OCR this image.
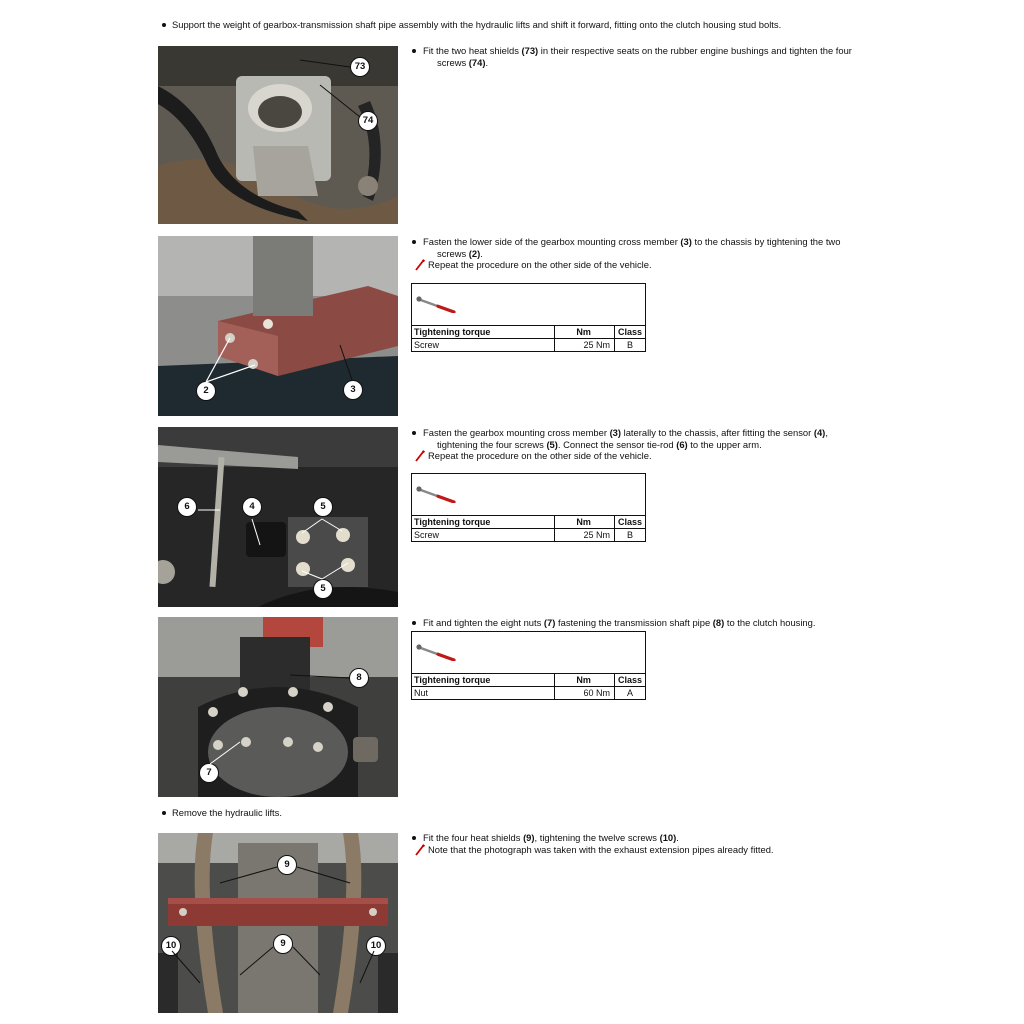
Support the weight of gearbox-transmission shaft pipe assembly with the hydraulic lifts and shift it forward, fitting onto the clutch housing stud bolts.
73
74

Fit the two heat shields (73) in their respective seats on the rubber engine bushings and tighten the four
screws (74).

2	3

Fasten the lower side of the gearbox mounting cross member (3) to the chassis by tightening the two
screws (2).

Repeat the procedure on the other side of the vehicle.

Tightening torque	Nm	Class
Screw	25 Nm	B
6	4	5
5

Fasten the gearbox mounting cross member (3) laterally to the chassis, after fitting the sensor (4),
tightening the four screws (5). Connect the sensor tie-rod (6) to the upper arm.

Repeat the procedure on the other side of the vehicle.

Tightening torque	Nm	Class
Screw	25 Nm	B
8
7

Fit and tighten the eight nuts (7) fastening the transmission shaft pipe (8) to the clutch housing.

Tightening torque	Nm	Class
Nut	60 Nm	A
Remove the hydraulic lifts.
9
9
10	10

Fit the four heat shields (9), tightening the twelve screws (10).

Note that the photograph was taken with the exhaust extension pipes already fitted.
